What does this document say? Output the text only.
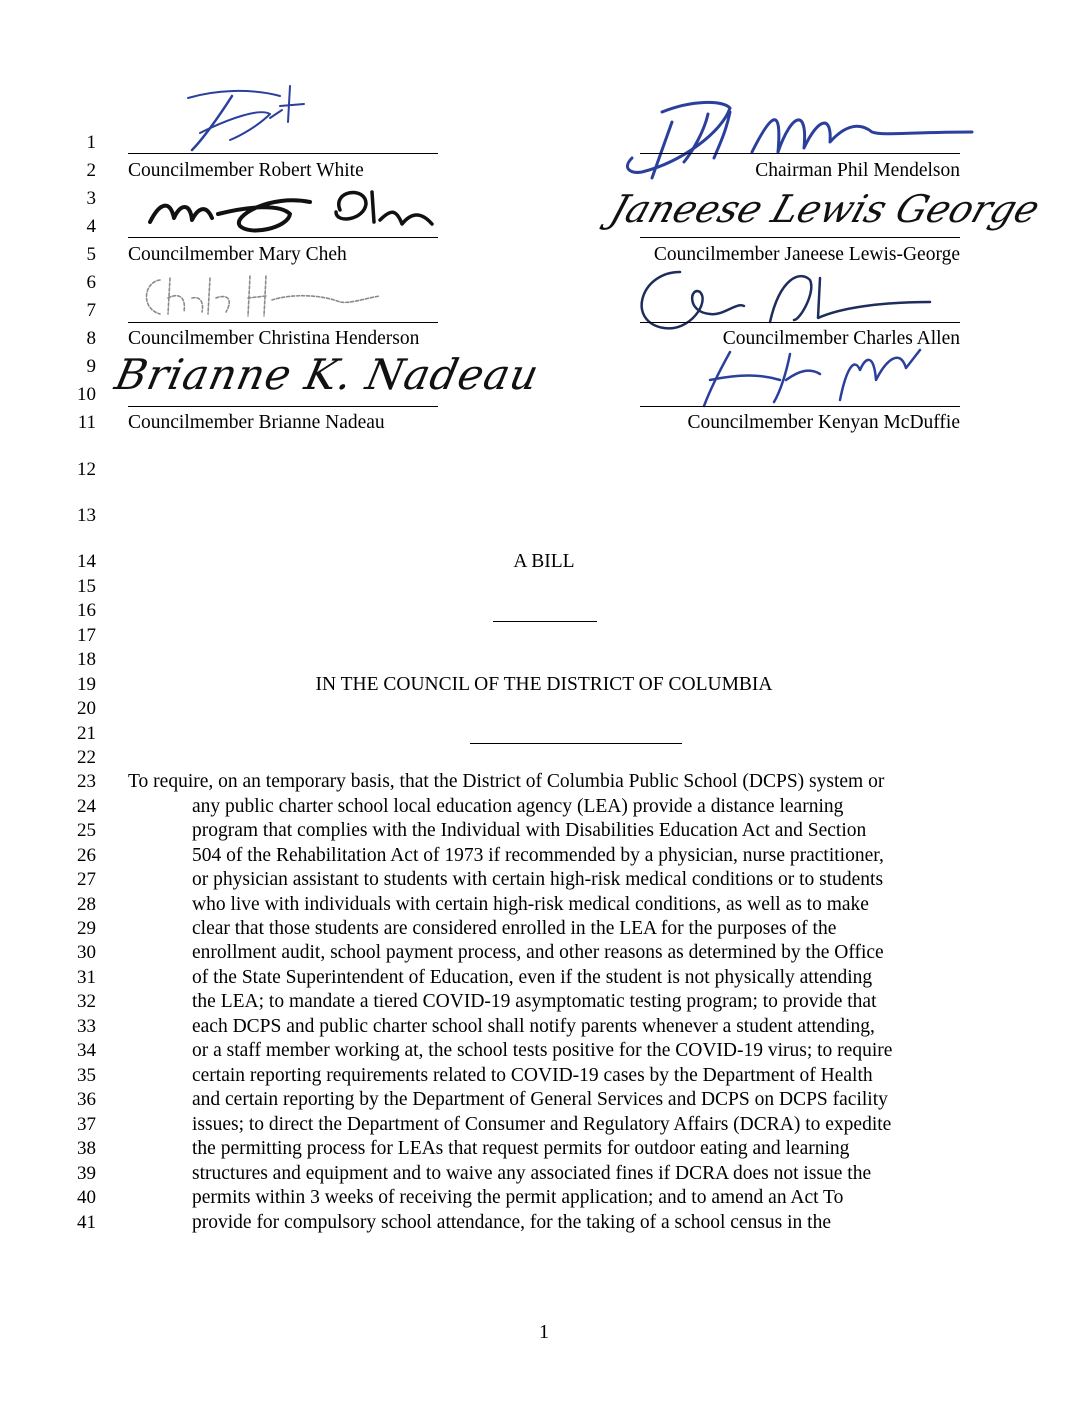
1
2
3
4
5
6
7
8
9
10
11
12
13
14
15
16
17
18
19
20
21
22
23
24
25
26
27
28
29
30
31
32
33
34
35
36
37
38
39
40
41
Councilmember Robert White
Councilmember Mary Cheh
Councilmember Christina Henderson
Brianne K. Nadeau
Councilmember Brianne Nadeau
Chairman Phil Mendelson
Janeese Lewis George
Councilmember Janeese Lewis-George
Councilmember Charles Allen
Councilmember Kenyan McDuffie
A BILL
IN THE COUNCIL OF THE DISTRICT OF COLUMBIA
To require, on an temporary basis, that the District of Columbia Public School (DCPS) system or
any public charter school local education agency (LEA) provide a distance learning
program that complies with the Individual with Disabilities Education Act and Section
504 of the Rehabilitation Act of 1973 if recommended by a physician, nurse practitioner,
or physician assistant to students with certain high-risk medical conditions or to students
who live with individuals with certain high-risk medical conditions, as well as to make
clear that those students are considered enrolled in the LEA for the purposes of the
enrollment audit, school payment process, and other reasons as determined by the Office
of the State Superintendent of Education, even if the student is not physically attending
the LEA; to mandate a tiered COVID-19 asymptomatic testing program; to provide that
each DCPS and public charter school shall notify parents whenever a student attending,
or a staff member working at, the school tests positive for the COVID-19 virus; to require
certain reporting requirements related to COVID-19 cases by the Department of Health
and certain reporting by the Department of General Services and DCPS on DCPS facility
issues; to direct the Department of Consumer and Regulatory Affairs (DCRA) to expedite
the permitting process for LEAs that request permits for outdoor eating and learning
structures and equipment and to waive any associated fines if DCRA does not issue the
permits within 3 weeks of receiving the permit application; and to amend an Act To
provide for compulsory school attendance, for the taking of a school census in the
1
